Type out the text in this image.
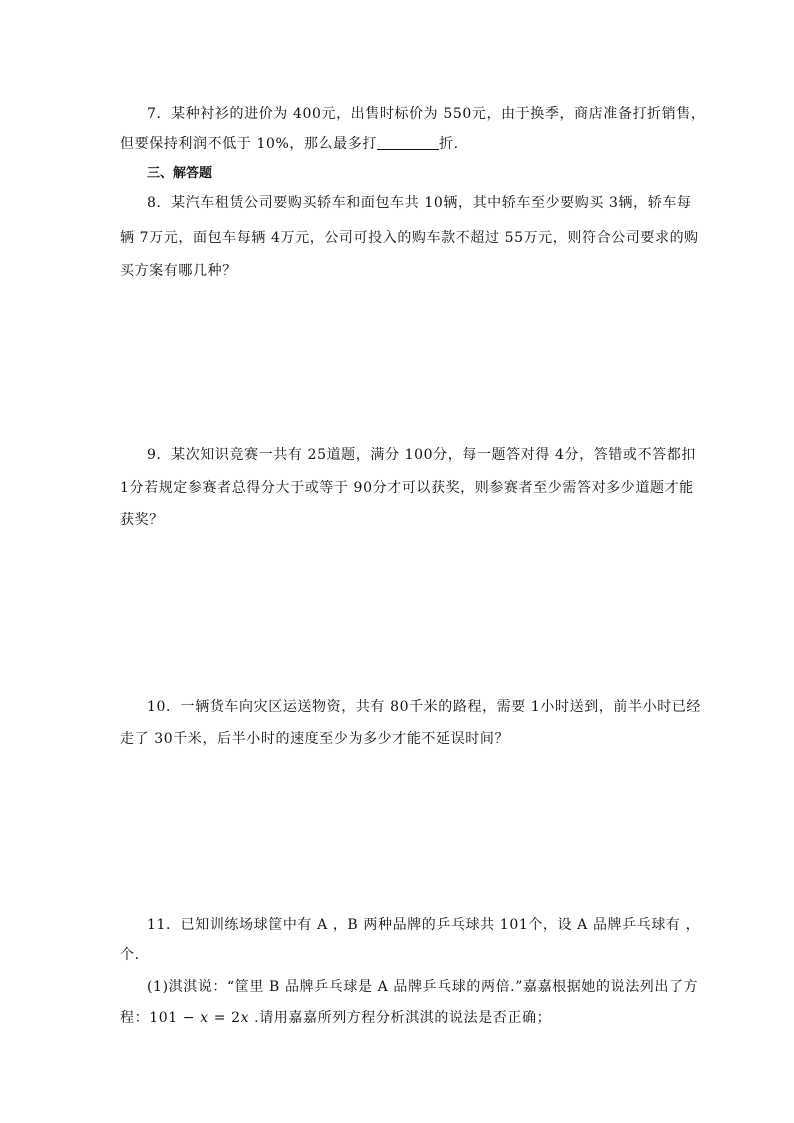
7．某种衬衫的进价为 400元，出售时标价为 550元，由于换季，商店准备打折销售，
但要保持利润不低于 10%，那么最多打	折.
三、解答题
8．某汽车租赁公司要购买轿车和面包车共 10辆，其中轿车至少要购买 3辆，轿车每
辆 7万元，面包车每辆 4万元，公司可投入的购车款不超过 55万元，则符合公司要求的购
买方案有哪几种？
9．某次知识竞赛一共有 25道题，满分 100分，每一题答对得 4分，答错或不答都扣
1分若规定参赛者总得分大于或等于 90分才可以获奖，则参赛者至少需答对多少道题才能
获奖？
10．一辆货车向灾区运送物资，共有 80千米的路程，需要 1小时送到，前半小时已经
走了 30千米，后半小时的速度至少为多少才能不延误时间？
11．已知训练场球筐中有 A ，B 两种品牌的乒乓球共 101个，设 A 品牌乒乓球有 ，
个.
(1)淇淇说：“筐里 B 品牌乒乓球是 A 品牌乒乓球的两倍.”嘉嘉根据她的说法列出了方
程：101 − x = 2x .请用嘉嘉所列方程分析淇淇的说法是否正确；
